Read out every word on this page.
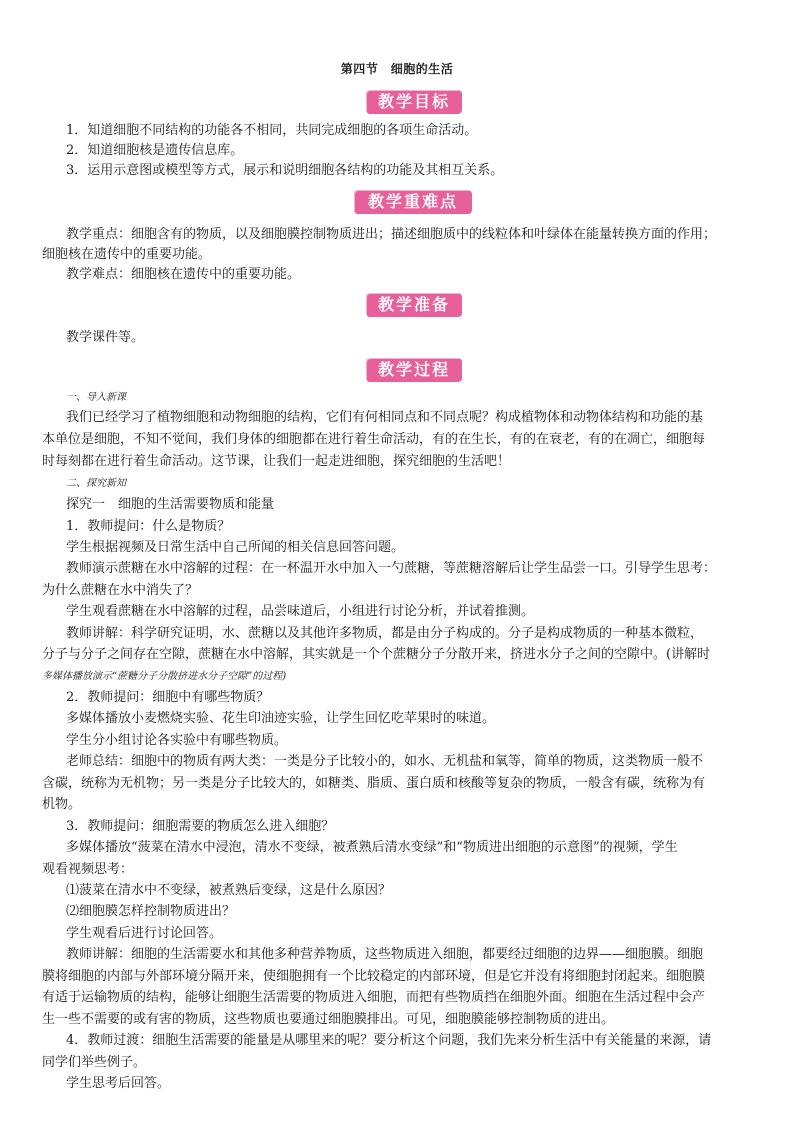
第四节　细胞的生活
教学目标
1．知道细胞不同结构的功能各不相同，共同完成细胞的各项生命活动。
2．知道细胞核是遗传信息库。
3．运用示意图或模型等方式，展示和说明细胞各结构的功能及其相互关系。
教学重难点
教学重点：细胞含有的物质，以及细胞膜控制物质进出；描述细胞质中的线粒体和叶绿体在能量转换方面的作用；
细胞核在遗传中的重要功能。
教学难点：细胞核在遗传中的重要功能。
教学准备
教学课件等。
教学过程
一、导入新课
我们已经学习了植物细胞和动物细胞的结构，它们有何相同点和不同点呢？构成植物体和动物体结构和功能的基
本单位是细胞，不知不觉间，我们身体的细胞都在进行着生命活动，有的在生长，有的在衰老，有的在凋亡，细胞每
时每刻都在进行着生命活动。这节课，让我们一起走进细胞，探究细胞的生活吧！
二、探究新知
探究一　细胞的生活需要物质和能量
1．教师提问：什么是物质？
学生根据视频及日常生活中自己所闻的相关信息回答问题。
教师演示蔗糖在水中溶解的过程：在一杯温开水中加入一勺蔗糖，等蔗糖溶解后让学生品尝一口。引导学生思考：
为什么蔗糖在水中消失了？
学生观看蔗糖在水中溶解的过程，品尝味道后，小组进行讨论分析，并试着推测。
教师讲解：科学研究证明，水、蔗糖以及其他许多物质，都是由分子构成的。分子是构成物质的一种基本微粒，
分子与分子之间存在空隙，蔗糖在水中溶解，其实就是一个个蔗糖分子分散开来，挤进水分子之间的空隙中。(讲解时
多媒体播放演示“蔗糖分子分散挤进水分子空隙”的过程)
2．教师提问：细胞中有哪些物质？
多媒体播放小麦燃烧实验、花生印油迹实验，让学生回忆吃苹果时的味道。
学生分小组讨论各实验中有哪些物质。
老师总结：细胞中的物质有两大类：一类是分子比较小的，如水、无机盐和氧等，简单的物质，这类物质一般不
含碳，统称为无机物；另一类是分子比较大的，如糖类、脂质、蛋白质和核酸等复杂的物质，一般含有碳，统称为有
机物。
3．教师提问：细胞需要的物质怎么进入细胞？
多媒体播放“菠菜在清水中浸泡，清水不变绿，被煮熟后清水变绿”和“物质进出细胞的示意图”的视频，学生
观看视频思考：
⑴菠菜在清水中不变绿，被煮熟后变绿，这是什么原因？
⑵细胞膜怎样控制物质进出？
学生观看后进行讨论回答。
教师讲解：细胞的生活需要水和其他多种营养物质，这些物质进入细胞，都要经过细胞的边界——细胞膜。细胞
膜将细胞的内部与外部环境分隔开来，使细胞拥有一个比较稳定的内部环境，但是它并没有将细胞封闭起来。细胞膜
有适于运输物质的结构，能够让细胞生活需要的物质进入细胞，而把有些物质挡在细胞外面。细胞在生活过程中会产
生一些不需要的或有害的物质，这些物质也要通过细胞膜排出。可见，细胞膜能够控制物质的进出。
4．教师过渡：细胞生活需要的能量是从哪里来的呢？要分析这个问题，我们先来分析生活中有关能量的来源，请
同学们举些例子。
学生思考后回答。
